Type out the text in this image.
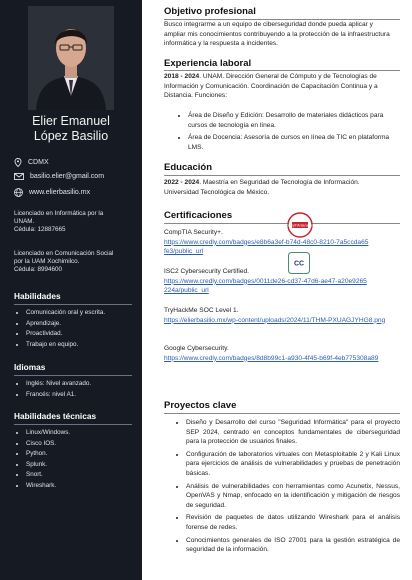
Elier Emanuel
López Basilio
CDMX
basilio.elier@gmail.com
www.elierbasilio.mx
Licenciado en Informática por la
UNAM.
Cédula: 12887665
Licenciado en Comunicación Social
por la UAM Xochimilco.
Cédula: 8994600
Habilidades
• Comunicación oral y escrita.
• Aprendizaje.
• Proactividad.
• Trabajo en equipo.
Idiomas
• Inglés: Nivel avanzado.
• Francés: nivel A1.
Habilidades técnicas
• Linux/Windows.
• Cisco IOS.
• Python.
• Splunk.
• Snort.
• Wireshark.
Objetivo profesional
Busco integrarme a un equipo de ciberseguridad donde pueda aplicar y ampliar mis conocimientos contribuyendo a la protección de la infraestructura informática y la respuesta a incidentes.
Experiencia laboral
2018 - 2024. UNAM. Dirección General de Cómputo y de Tecnologías de Información y Comunicación. Coordinación de Capacitación Continua y a Distancia. Funciones:
• Área de Diseño y Edición: Desarrollo de materiales didácticos para cursos de tecnología en línea.
• Área de Docencia: Asesoría de cursos en línea de TIC en plataforma LMS.
Educación
2022 - 2024. Maestría en Seguridad de Tecnología de Información. Universidad Tecnológica de México.
Certificaciones
CompTIA Security+
CC
CompTIA Security+.
https://www.credly.com/badges/e8b6a3ef-b74d-48c0-8210-7a5ccda65fe3/public_url
ISC2 Cybersecurity Certified.
https://www.credly.com/badges/0011de26-cd37-47d6-ae47-a20e9265224a/public_url
TryHackMe SOC Level 1.
https://elierbasilio.mx/wp-content/uploads/2024/11/THM-PXUAGJYHG8.png
Google Cybersecurity.
https://www.credly.com/badges/8d8b99c1-a930-4f45-b69f-4eb775308a89
Proyectos clave
• Diseño y Desarrollo del curso "Seguridad Informática" para el proyecto SEP 2024, centrado en conceptos fundamentales de ciberseguridad para la protección de usuarios finales.
• Configuración de laboratorios virtuales con Metasploitable 2 y Kali Linux para ejercicios de análisis de vulnerabilidades y pruebas de penetración básicas.
• Análisis de vulnerabilidades con herramientas como Acunetix, Nessus, OpenVAS y Nmap, enfocado en la identificación y mitigación de riesgos de seguridad.
• Revisión de paquetes de datos utilizando Wireshark para el análisis forense de redes.
• Conocimientos generales de ISO 27001 para la gestión estratégica de seguridad de la información.
